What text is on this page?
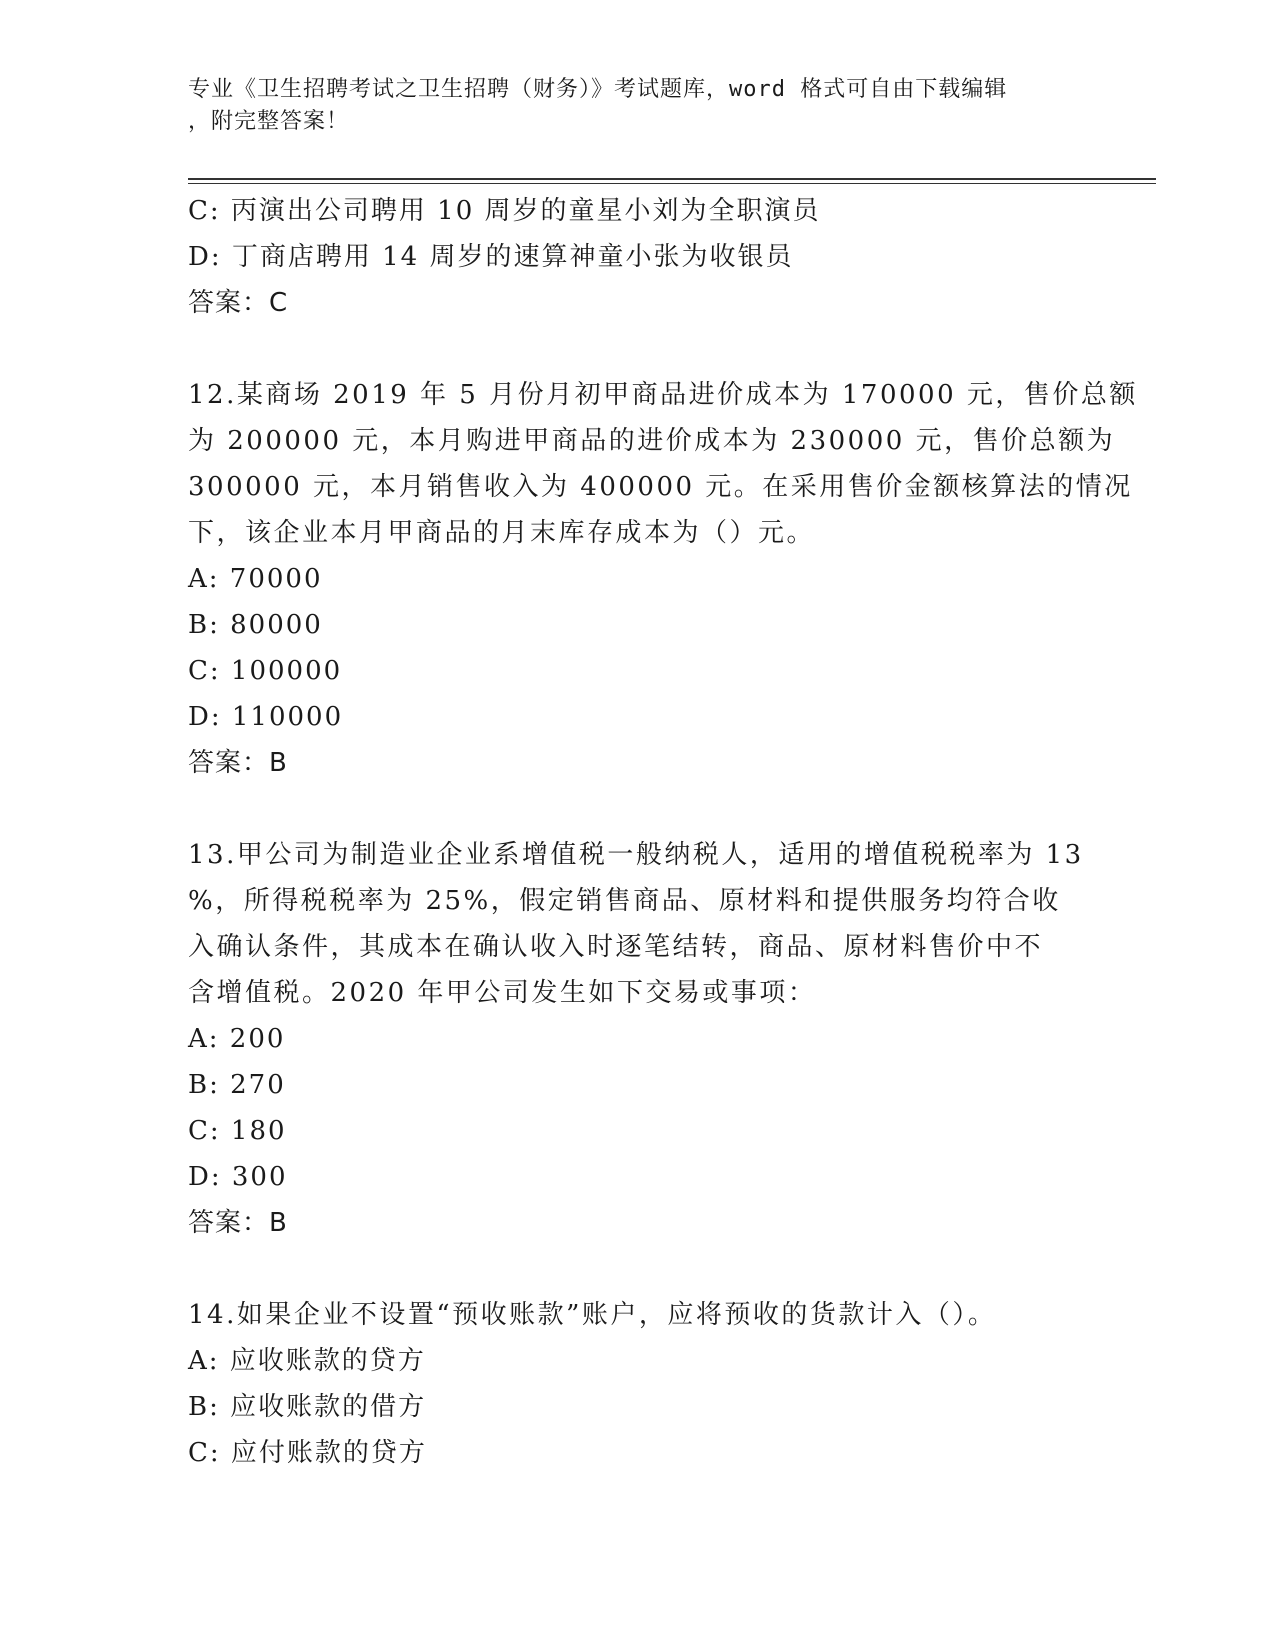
专业《卫生招聘考试之卫生招聘（财务）》考试题库，word 格式可自由下载编辑
，附完整答案！
C: 丙演出公司聘用 10 周岁的童星小刘为全职演员
D: 丁商店聘用 14 周岁的速算神童小张为收银员
答案：C
12.某商场 2019 年 5 月份月初甲商品进价成本为 170000 元，售价总额
为 200000 元，本月购进甲商品的进价成本为 230000 元，售价总额为
300000 元，本月销售收入为 400000 元。在采用售价金额核算法的情况
下，该企业本月甲商品的月末库存成本为（）元。
A: 70000
B: 80000
C: 100000
D: 110000
答案：B
13.甲公司为制造业企业系增值税一般纳税人，适用的增值税税率为 13
%，所得税税率为 25%，假定销售商品、原材料和提供服务均符合收
入确认条件，其成本在确认收入时逐笔结转，商品、原材料售价中不
含增值税。2020 年甲公司发生如下交易或事项：
A: 200
B: 270
C: 180
D: 300
答案：B
14.如果企业不设置“预收账款”账户，应将预收的货款计入（）。
A: 应收账款的贷方
B: 应收账款的借方
C: 应付账款的贷方
